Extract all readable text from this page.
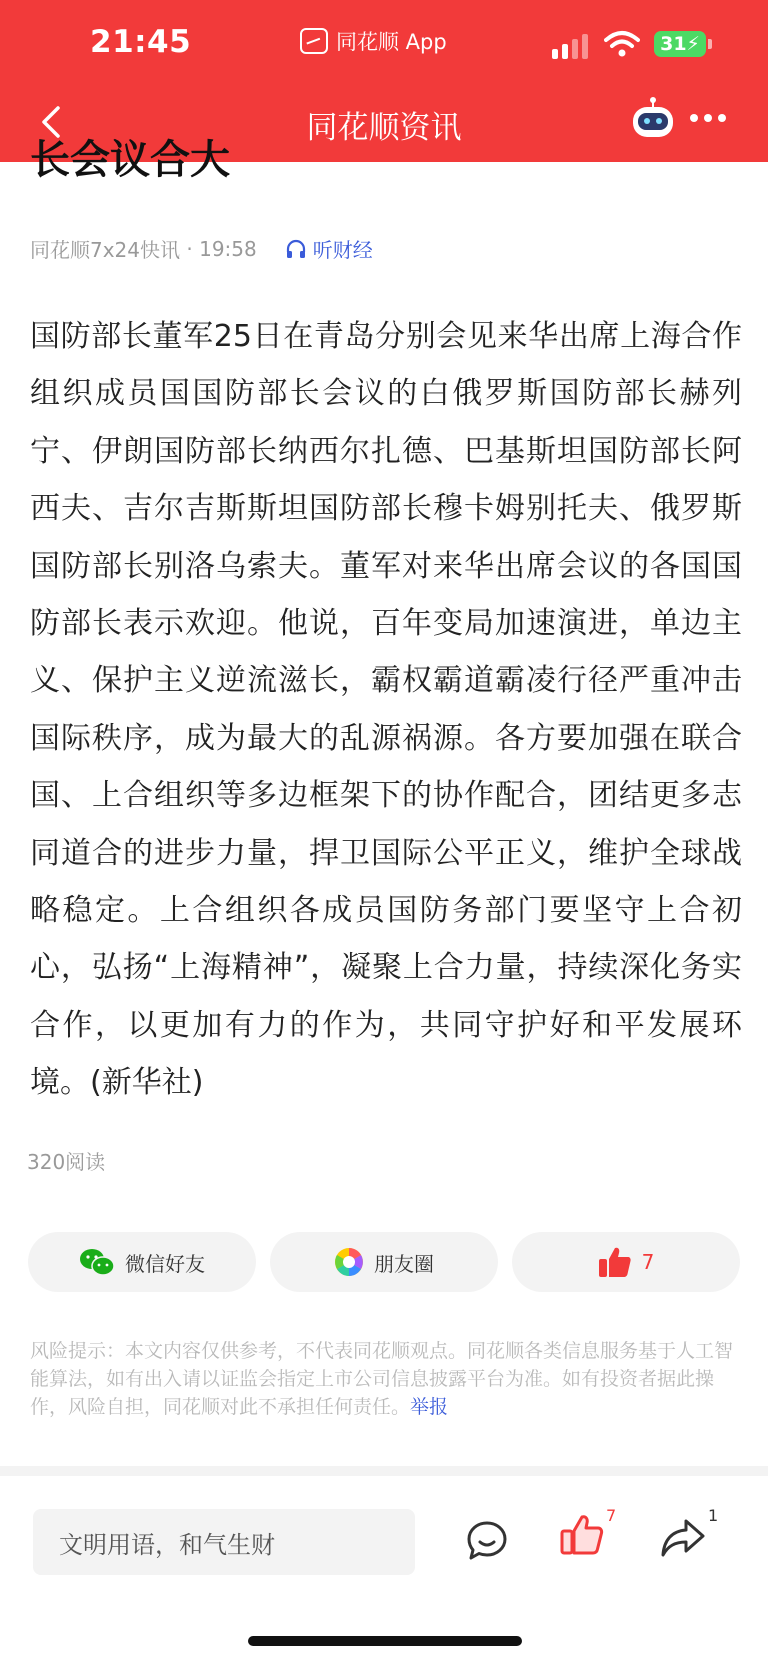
21:45	同花顺 App	31 ⚡
同花顺资讯
长会议合大
同花顺7x24快讯 · 19:58	听财经
国防部长董军25日在青岛分别会见来华出席上海合作组织成员国国防部长会议的白俄罗斯国防部长赫列宁、伊朗国防部长纳西尔扎德、巴基斯坦国防部长阿西夫、吉尔吉斯斯坦国防部长穆卡姆别托夫、俄罗斯国防部长别洛乌索夫。董军对来华出席会议的各国国防部长表示欢迎。他说，百年变局加速演进，单边主义、保护主义逆流滋长，霸权霸道霸凌行径严重冲击国际秩序，成为最大的乱源祸源。各方要加强在联合国、上合组织等多边框架下的协作配合，团结更多志同道合的进步力量，捍卫国际公平正义，维护全球战略稳定。上合组织各成员国防务部门要坚守上合初心，弘扬“上海精神”，凝聚上合力量，持续深化务实合作，以更加有力的作为，共同守护好和平发展环境。(新华社)
320阅读
微信好友	朋友圈	7
风险提示：本文内容仅供参考，不代表同花顺观点。同花顺各类信息服务基于人工智能算法，如有出入请以证监会指定上市公司信息披露平台为准。如有投资者据此操作，风险自担，同花顺对此不承担任何责任。举报
文明用语，和气生财
7	1
